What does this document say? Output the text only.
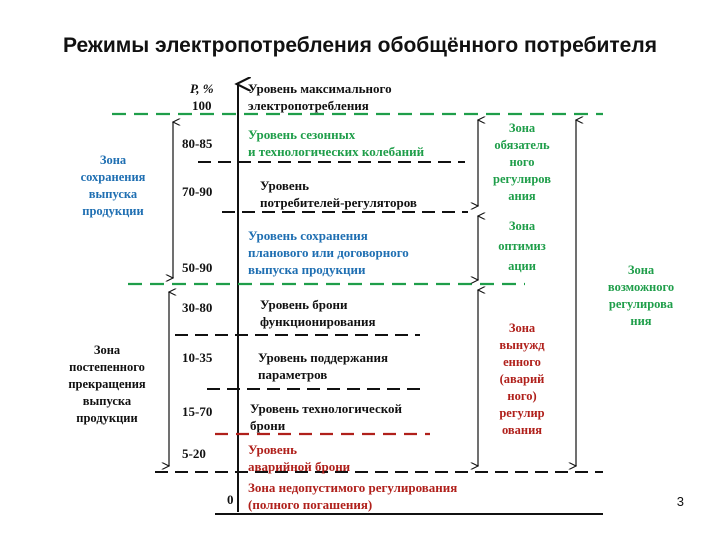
Режимы электропотребления обобщённого потребителя
P, %
100
0
80-85
70-90
50-90
30-80
10-35
15-70
5-20
Уровень максимального
электропотребления
Уровень сезонных
и технологических колебаний
Уровень
потребителей-регуляторов
Уровень сохранения
планового или договорного
выпуска продукции
Уровень брони
функционирования
Уровень поддержания
параметров
Уровень технологической
брони
Уровень
аварийной брони
Зона недопустимого регулирования
(полного погашения)
Зона
сохранения
выпуска
продукции
Зона
постепенного
прекращения
выпуска
продукции
Зона
обязатель
ного
регулиров
ания
Зона
оптимиз
ации
Зона
вынужд
енного
(аварий
ного)
регулир
ования
Зона
возможного
регулирова
ния
3
